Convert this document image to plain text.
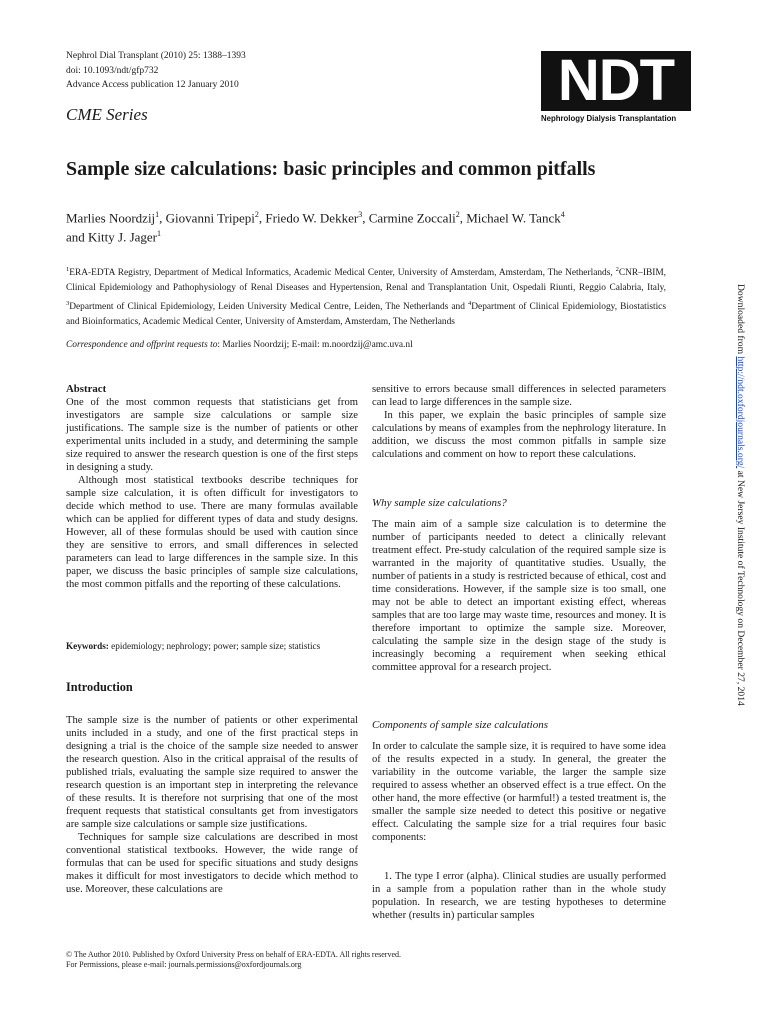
Nephrol Dial Transplant (2010) 25: 1388–1393
doi: 10.1093/ndt/gfp732
Advance Access publication 12 January 2010
CME Series
NDT
Nephrology Dialysis Transplantation
Sample size calculations: basic principles and common pitfalls
Marlies Noordzij$^1$, Giovanni Tripepi$^2$, Friedo W. Dekker$^3$, Carmine Zoccali$^2$, Michael W. Tanck$^4$
and Kitty J. Jager$^1$
$^1$ERA-EDTA Registry, Department of Medical Informatics, Academic Medical Center, University of Amsterdam, Amsterdam, The Netherlands, $^2$CNR–IBIM, Clinical Epidemiology and Pathophysiology of Renal Diseases and Hypertension, Renal and Transplantation Unit, Ospedali Riunti, Reggio Calabria, Italy, $^3$Department of Clinical Epidemiology, Leiden University Medical Centre, Leiden, The Netherlands and $^4$Department of Clinical Epidemiology, Biostatistics and Bioinformatics, Academic Medical Center, University of Amsterdam, Amsterdam, The Netherlands
Correspondence and offprint requests to: Marlies Noordzij; E-mail: m.noordzij@amc.uva.nl

Abstract

One of the most common requests that statisticians get from investigators are sample size calculations or sample size justifications. The sample size is the number of patients or other experimental units included in a study, and determining the sample size required to answer the research question is one of the first steps in designing a study.

Although most statistical textbooks describe techniques for sample size calculation, it is often difficult for investigators to decide which method to use. There are many formulas available which can be applied for different types of data and study designs. However, all of these formulas should be used with caution since they are sensitive to errors, and small differences in selected parameters can lead to large differences in the sample size. In this paper, we discuss the basic principles of sample size calculations, the most common pitfalls and the reporting of these calculations.

Keywords: epidemiology; nephrology; power; sample size; statistics

Introduction

The sample size is the number of patients or other experimental units included in a study, and one of the first practical steps in designing a trial is the choice of the sample size needed to answer the research question. Also in the critical appraisal of the results of published trials, evaluating the sample size required to answer the research question is an important step in interpreting the relevance of these results. It is therefore not surprising that one of the most frequent requests that statistical consultants get from investigators are sample size calculations or sample size justifications.

Techniques for sample size calculations are described in most conventional statistical textbooks. However, the wide range of formulas that can be used for specific situations and study designs makes it difficult for most investigators to decide which method to use. Moreover, these calculations are

sensitive to errors because small differences in selected parameters can lead to large differences in the sample size.

In this paper, we explain the basic principles of sample size calculations by means of examples from the nephrology literature. In addition, we discuss the most common pitfalls in sample size calculations and comment on how to report these calculations.

Why sample size calculations?

The main aim of a sample size calculation is to determine the number of participants needed to detect a clinically relevant treatment effect. Pre-study calculation of the required sample size is warranted in the majority of quantitative studies. Usually, the number of patients in a study is restricted because of ethical, cost and time considerations. However, if the sample size is too small, one may not be able to detect an important existing effect, whereas samples that are too large may waste time, resources and money. It is therefore important to optimize the sample size. Moreover, calculating the sample size in the design stage of the study is increasingly becoming a requirement when seeking ethical committee approval for a research project.

Components of sample size calculations

In order to calculate the sample size, it is required to have some idea of the results expected in a study. In general, the greater the variability in the outcome variable, the larger the sample size required to assess whether an observed effect is a true effect. On the other hand, the more effective (or harmful!) a tested treatment is, the smaller the sample size needed to detect this positive or negative effect. Calculating the sample size for a trial requires four basic components:

1. The type I error (alpha). Clinical studies are usually performed in a sample from a population rather than in the whole study population. In research, we are testing hypotheses to determine whether (results in) particular samples

© The Author 2010. Published by Oxford University Press on behalf of ERA-EDTA. All rights reserved.
For Permissions, please e-mail: journals.permissions@oxfordjournals.org
Downloaded from http://ndt.oxfordjournals.org/ at New Jersey Institute of Technology on December 27, 2014
